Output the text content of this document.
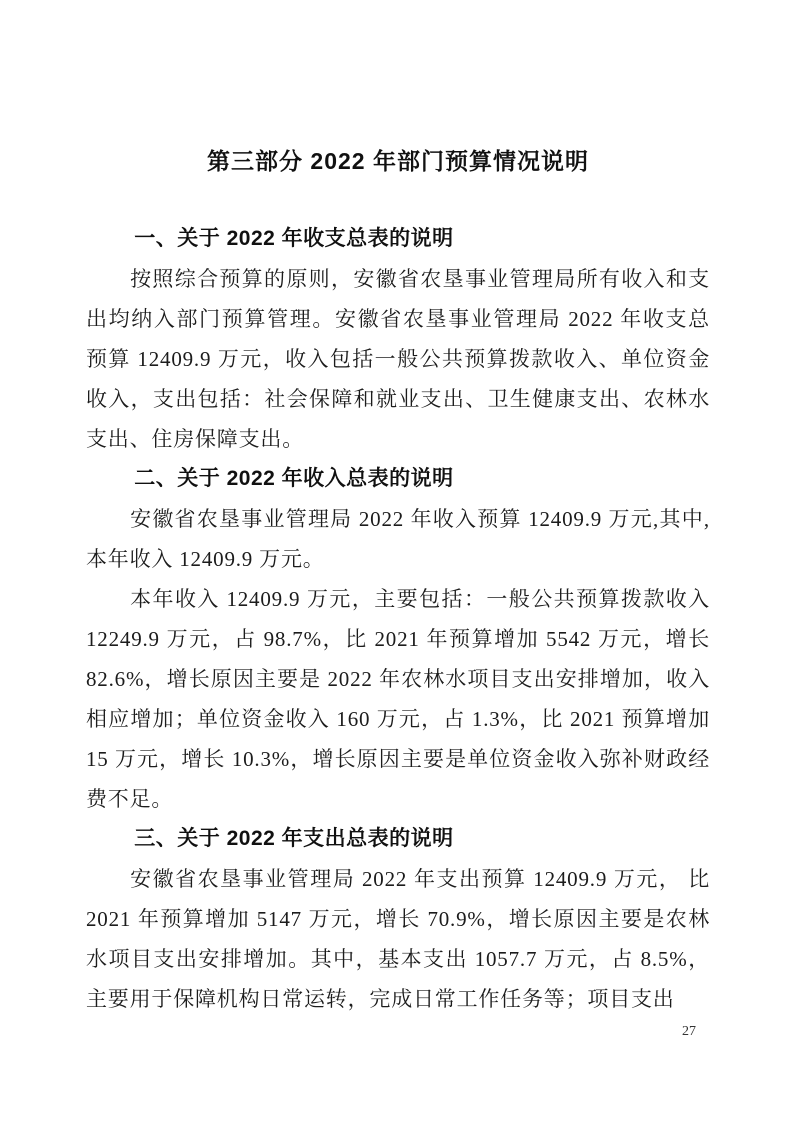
第三部分 2022 年部门预算情况说明
一、关于 2022 年收支总表的说明

按照综合预算的原则，安徽省农垦事业管理局所有收入和支出均纳入部门预算管理。安徽省农垦事业管理局 2022 年收支总预算 12409.9 万元，收入包括一般公共预算拨款收入、单位资金收入，支出包括：社会保障和就业支出、卫生健康支出、农林水支出、住房保障支出。

二、关于 2022 年收入总表的说明

安徽省农垦事业管理局 2022 年收入预算 12409.9 万元,其中,本年收入 12409.9 万元。

本年收入 12409.9 万元，主要包括：一般公共预算拨款收入 12249.9 万元，占 98.7%，比 2021 年预算增加 5542 万元，增长 82.6%，增长原因主要是 2022 年农林水项目支出安排增加，收入相应增加；单位资金收入 160 万元，占 1.3%，比 2021 预算增加 15 万元，增长 10.3%，增长原因主要是单位资金收入弥补财政经费不足。

三、关于 2022 年支出总表的说明

安徽省农垦事业管理局 2022 年支出预算 12409.9 万元， 比 2021 年预算增加 5147 万元，增长 70.9%，增长原因主要是农林水项目支出安排增加。其中，基本支出 1057.7 万元，占 8.5%，主要用于保障机构日常运转，完成日常工作任务等；项目支出

27
